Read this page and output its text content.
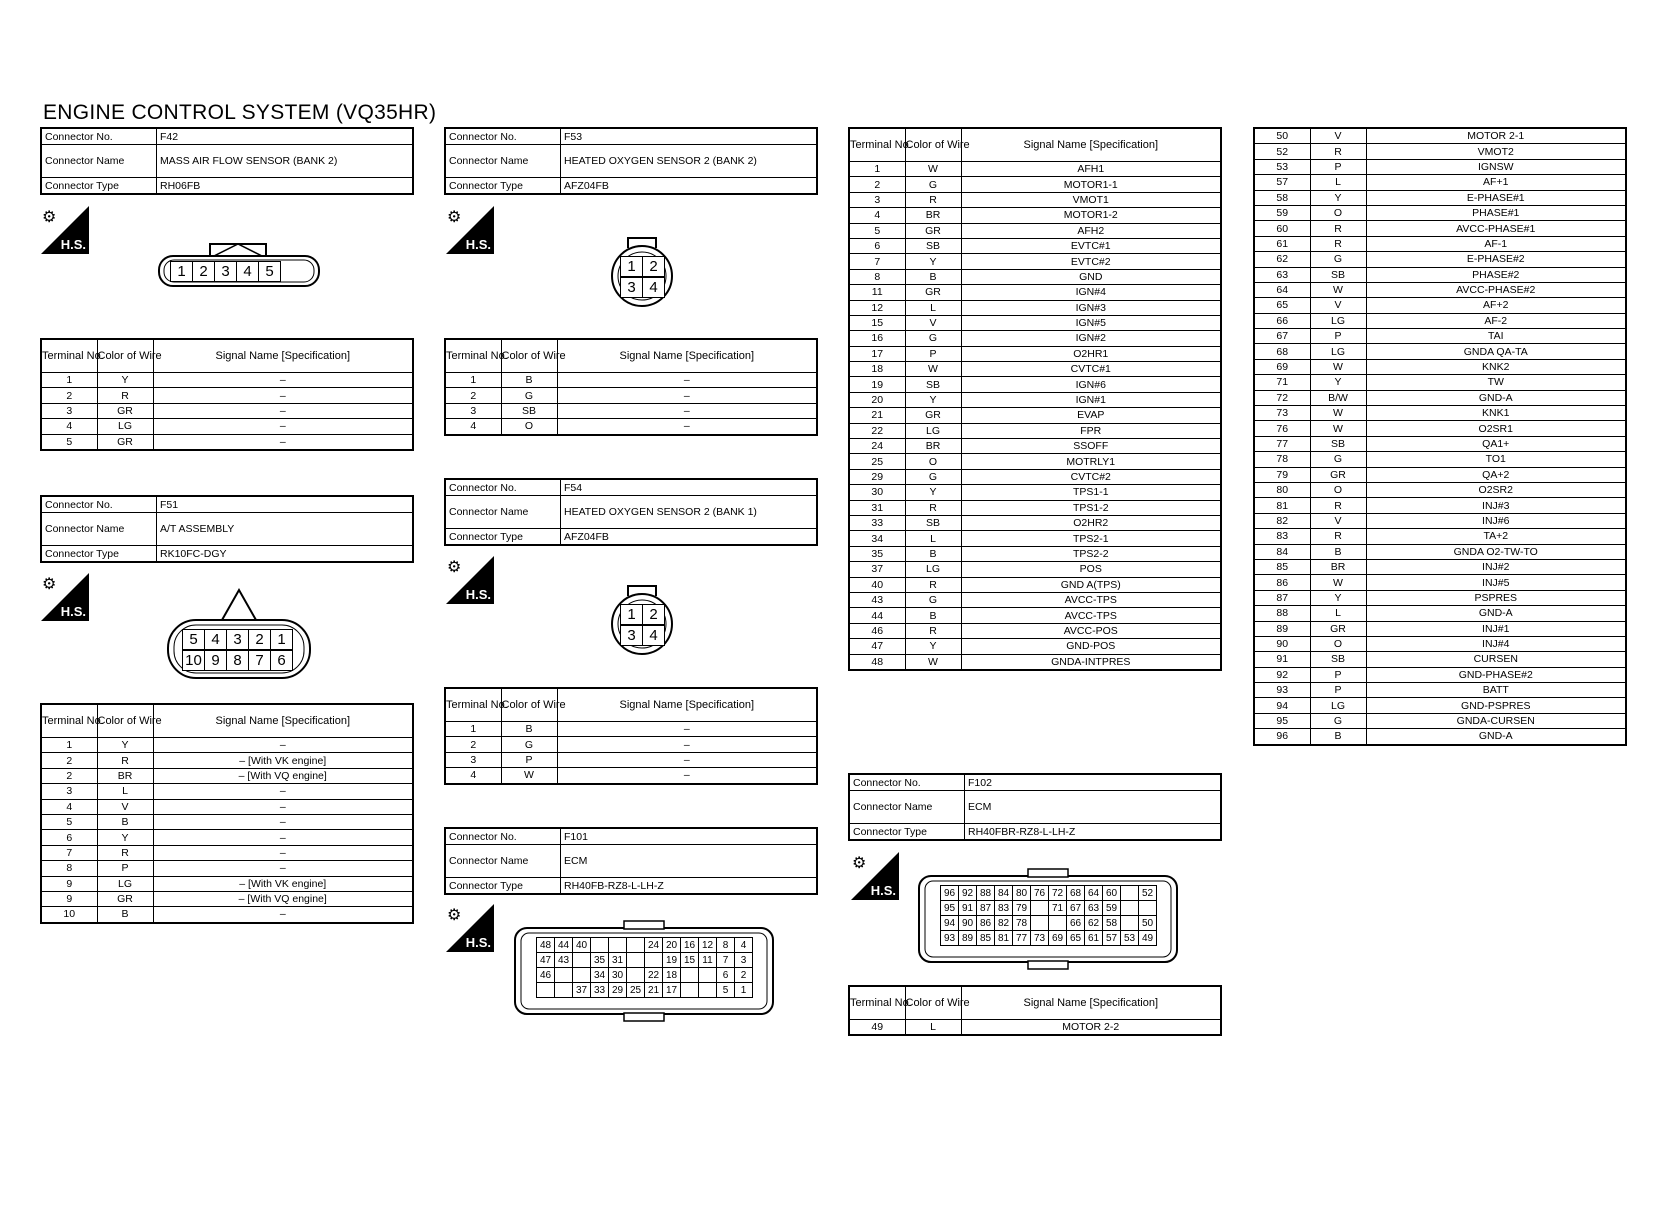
ENGINE CONTROL SYSTEM (VQ35HR)
Connector No.	F42
Connector Name	MASS AIR FLOW SENSOR (BANK 2)
Connector Type	RH06FB
⚙
H.S.
1 2 3 4 5
Terminal No.	Color of Wire	Signal Name [Specification]
1	Y	–
2	R	–
3	GR	–
4	LG	–
5	GR	–
Connector No.	F51
Connector Name	A/T ASSEMBLY
Connector Type	RK10FC-DGY
⚙
H.S.
5 4 3 2 1
10 9 8 7 6
Terminal No.	Color of Wire	Signal Name [Specification]
1	Y	–
2	R	– [With VK engine]
2	BR	– [With VQ engine]
3	L	–
4	V	–
5	B	–
6	Y	–
7	R	–
8	P	–
9	LG	– [With VK engine]
9	GR	– [With VQ engine]
10	B	–
Connector No.	F53
Connector Name	HEATED OXYGEN SENSOR 2 (BANK 2)
Connector Type	AFZ04FB
⚙
H.S.
1 2
3 4
Terminal No.	Color of Wire	Signal Name [Specification]
1	B	–
2	G	–
3	SB	–
4	O	–
Connector No.	F54
Connector Name	HEATED OXYGEN SENSOR 2 (BANK 1)
Connector Type	AFZ04FB
⚙
H.S.
1 2
3 4
Terminal No.	Color of Wire	Signal Name [Specification]
1	B	–
2	G	–
3	P	–
4	W	–
Connector No.	F101
Connector Name	ECM
Connector Type	RH40FB-RZ8-L-LH-Z
⚙
H.S.	48	44	40				24	20	16	12	8	4
47	43		35	31			19	15	11	7	3
46			34	30		22	18			6	2
		37	33	29	25	21	17			5	1
Terminal No.	Color of Wire	Signal Name [Specification]
1	W	AFH1
2	G	MOTOR1-1
3	R	VMOT1
4	BR	MOTOR1-2
5	GR	AFH2
6	SB	EVTC#1
7	Y	EVTC#2
8	B	GND
11	GR	IGN#4
12	L	IGN#3
15	V	IGN#5
16	G	IGN#2
17	P	O2HR1
18	W	CVTC#1
19	SB	IGN#6
20	Y	IGN#1
21	GR	EVAP
22	LG	FPR
24	BR	SSOFF
25	O	MOTRLY1
29	G	CVTC#2
30	Y	TPS1-1
31	R	TPS1-2
33	SB	O2HR2
34	L	TPS2-1
35	B	TPS2-2
37	LG	POS
40	R	GND A(TPS)
43	G	AVCC-TPS
44	B	AVCC-TPS
46	R	AVCC-POS
47	Y	GND-POS
48	W	GNDA-INTPRES
Connector No.	F102
Connector Name	ECM
Connector Type	RH40FBR-RZ8-L-LH-Z
⚙
H.S.	96	92	88	84	80	76	72	68	64	60		52
95	91	87	83	79		71	67	63	59		
94	90	86	82	78			66	62	58		50
93	89	85	81	77	73	69	65	61	57	53	49
Terminal No.	Color of Wire	Signal Name [Specification]
49	L	MOTOR 2-2
50	V	MOTOR 2-1
52	R	VMOT2
53	P	IGNSW
57	L	AF+1
58	Y	E-PHASE#1
59	O	PHASE#1
60	R	AVCC-PHASE#1
61	R	AF-1
62	G	E-PHASE#2
63	SB	PHASE#2
64	W	AVCC-PHASE#2
65	V	AF+2
66	LG	AF-2
67	P	TAI
68	LG	GNDA QA-TA
69	W	KNK2
71	Y	TW
72	B/W	GND-A
73	W	KNK1
76	W	O2SR1
77	SB	QA1+
78	G	TO1
79	GR	QA+2
80	O	O2SR2
81	R	INJ#3
82	V	INJ#6
83	R	TA+2
84	B	GNDA O2-TW-TO
85	BR	INJ#2
86	W	INJ#5
87	Y	PSPRES
88	L	GND-A
89	GR	INJ#1
90	O	INJ#4
91	SB	CURSEN
92	P	GND-PHASE#2
93	P	BATT
94	LG	GND-PSPRES
95	G	GNDA-CURSEN
96	B	GND-A
